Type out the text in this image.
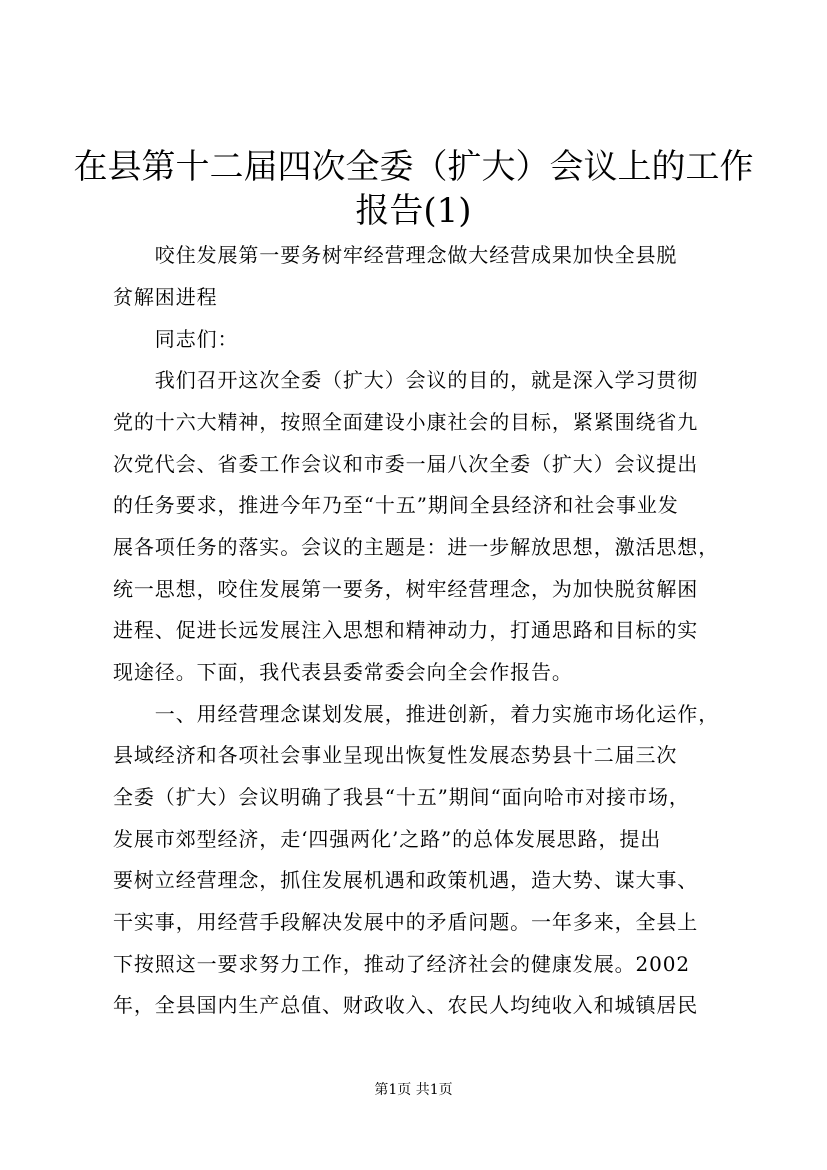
在县第十二届四次全委（扩大）会议上的工作
报告(1)
　　咬住发展第一要务树牢经营理念做大经营成果加快全县脱
贫解困进程
　　同志们：
　　我们召开这次全委（扩大）会议的目的，就是深入学习贯彻
党的十六大精神，按照全面建设小康社会的目标，紧紧围绕省九
次党代会、省委工作会议和市委一届八次全委（扩大）会议提出
的任务要求，推进今年乃至“十五”期间全县经济和社会事业发
展各项任务的落实。会议的主题是：进一步解放思想，激活思想，
统一思想，咬住发展第一要务，树牢经营理念，为加快脱贫解困
进程、促进长远发展注入思想和精神动力，打通思路和目标的实
现途径。下面，我代表县委常委会向全会作报告。
　　一、用经营理念谋划发展，推进创新，着力实施市场化运作，
县域经济和各项社会事业呈现出恢复性发展态势县十二届三次
全委（扩大）会议明确了我县“十五”期间“面向哈市对接市场，
发展市郊型经济，走‘四强两化’之路”的总体发展思路，提出
要树立经营理念，抓住发展机遇和政策机遇，造大势、谋大事、
干实事，用经营手段解决发展中的矛盾问题。一年多来，全县上
下按照这一要求努力工作，推动了经济社会的健康发展。2002
年，全县国内生产总值、财政收入、农民人均纯收入和城镇居民
第1页 共1页
